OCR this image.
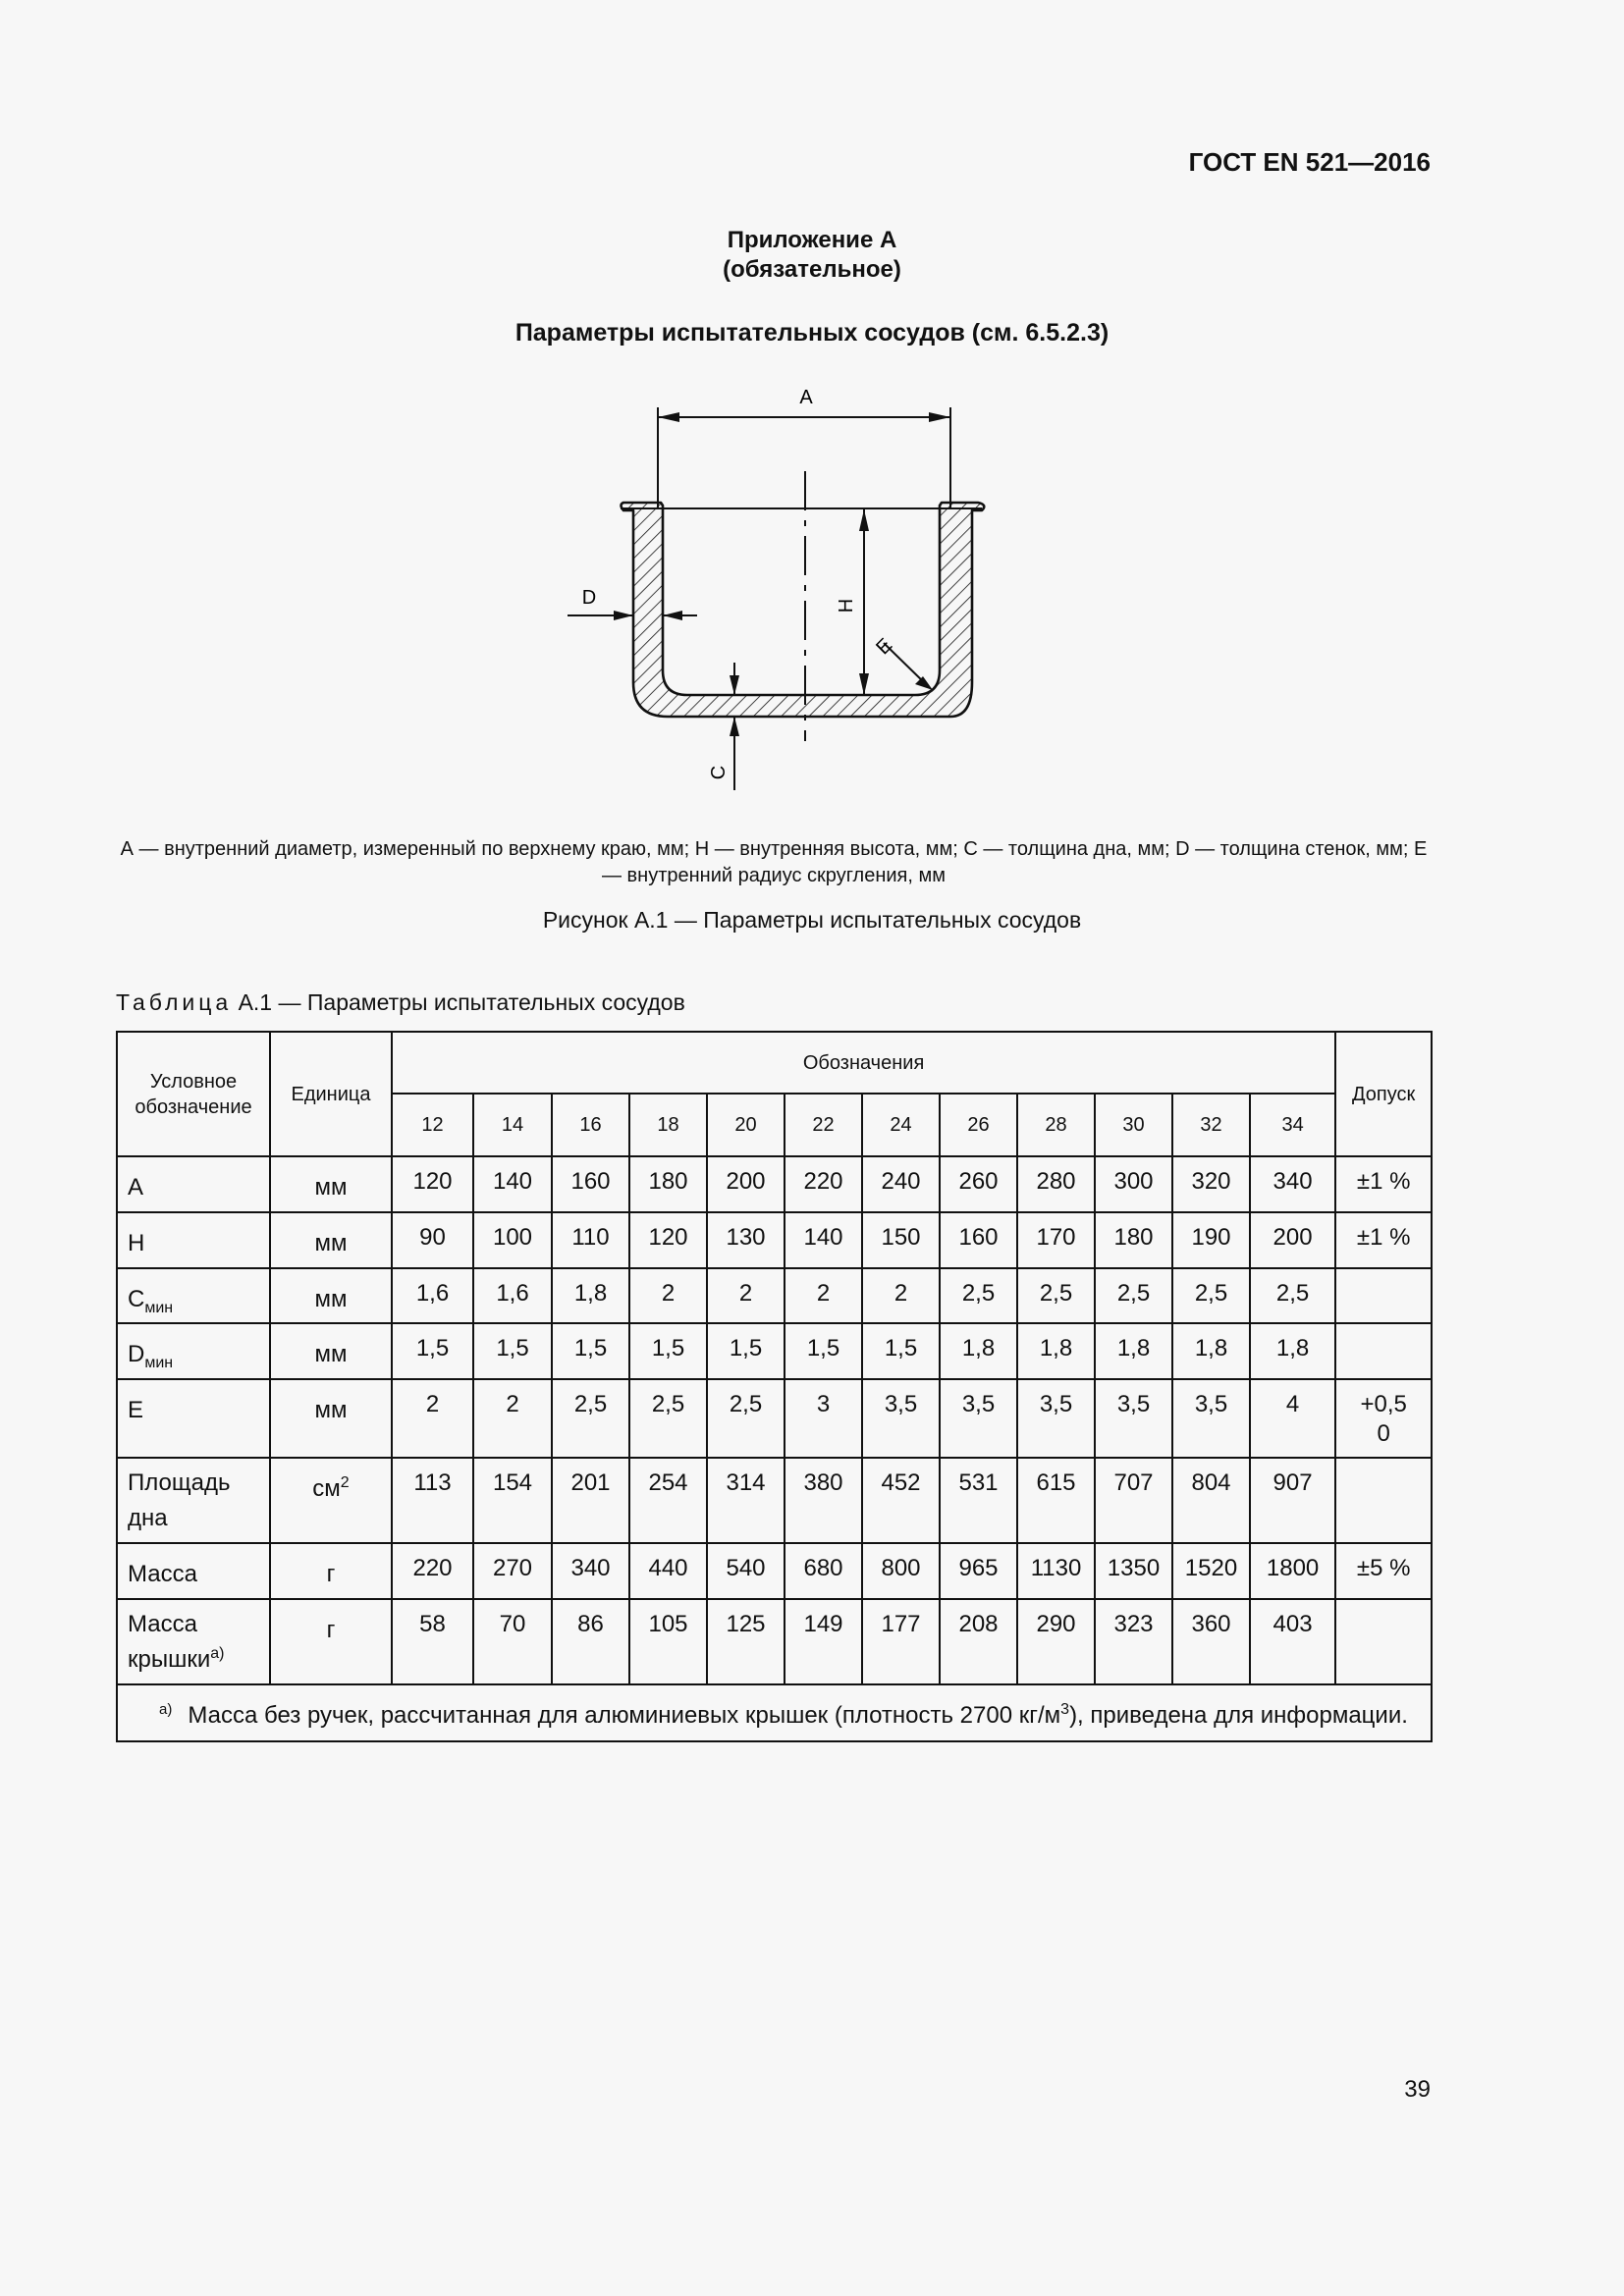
ГОСТ EN 521—2016
Приложение А
(обязательное)
Параметры испытательных сосудов (см. 6.5.2.3)
A
H
D
C
E
А — внутренний диаметр, измеренный по верхнему краю, мм; H — внутренняя высота, мм; C — толщина дна, мм; D — толщина стенок, мм; E — внутренний радиус скругления, мм
Рисунок А.1 — Параметры испытательных сосудов
Таблица А.1 — Параметры испытательных сосудов
Условное обозначение	Единица	Обозначения												Допуск
		12	14	16	18	20	22	24	26	28	30	32	34	
А	мм	120	140	160	180	200	220	240	260	280	300	320	340	±1 %
Н	мм	90	100	110	120	130	140	150	160	170	180	190	200	±1 %
$С_{мин}$	мм	1,6	1,6	1,8	2	2	2	2	2,5	2,5	2,5	2,5	2,5	
$D_{мин}$	мм	1,5	1,5	1,5	1,5	1,5	1,5	1,5	1,8	1,8	1,8	1,8	1,8	
Е	мм	2	2	2,5	2,5	2,5	3	3,5	3,5	3,5	3,5	3,5	4	+0,5
0
Площадь дна	$см^2$	113	154	201	254	314	380	452	531	615	707	804	907	
Масса	г	220	270	340	440	540	680	800	965	1130	1350	1520	1800	±5 %
Масса крышки$^{а)}$	г	58	70	86	105	125	149	177	208	290	323	360	403	
$^{а)}$ Масса без ручек, рассчитанная для алюминиевых крышек (плотность 2700 $кг/м^3$), приведена для информации.														
39
